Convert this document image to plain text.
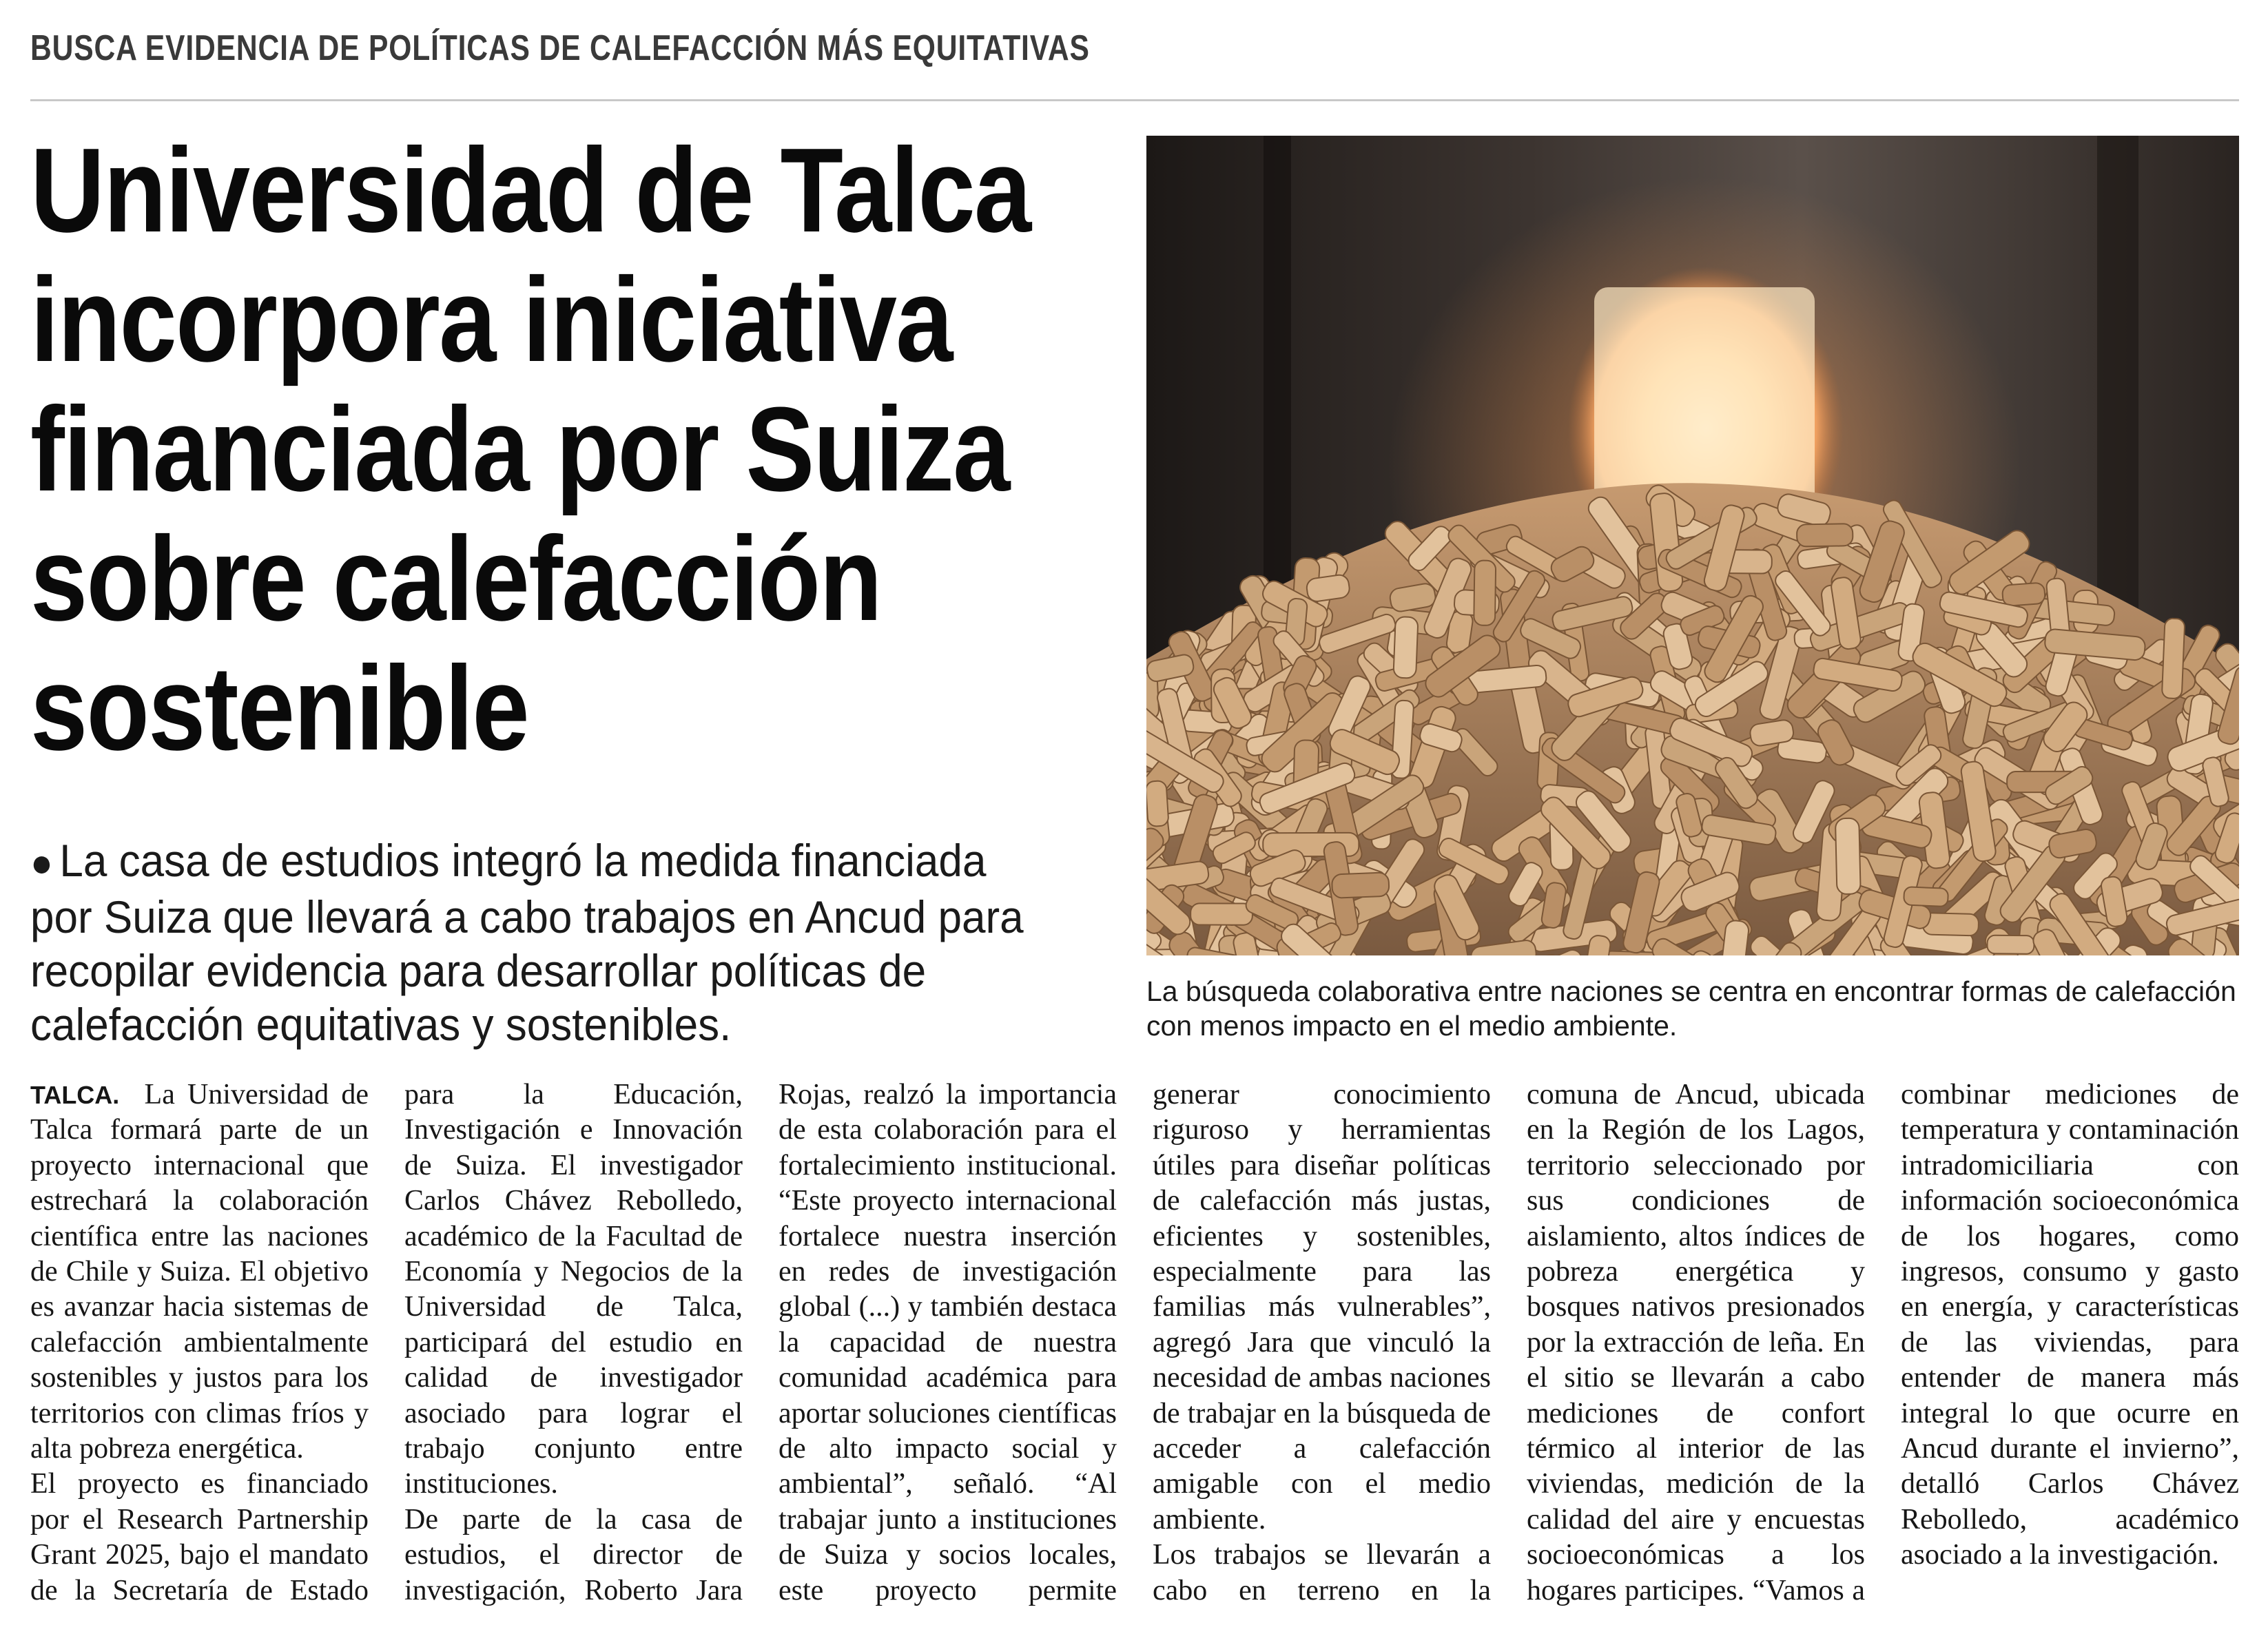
BUSCA EVIDENCIA DE POLÍTICAS DE CALEFACCIÓN MÁS EQUITATIVAS
Universidad de Talca
incorpora iniciativa
financiada por Suiza
sobre calefacción
sostenible
● La casa de estudios integró la medida financiada por Suiza que llevará a cabo trabajos en Ancud para recopilar evidencia para desarrollar políticas de calefacción equitativas y sostenibles.
La búsqueda colaborativa entre naciones se centra en encontrar formas de calefacción con menos impacto en el medio ambiente.

TALCA. La Universidad de Talca formará parte de un proyecto internacional que estrechará la colaboración científica entre las naciones de Chile y Suiza. El objetivo es avanzar hacia sistemas de calefacción ambientalmente sostenibles y justos para los territorios con climas fríos y alta pobreza energética.

El proyecto es financiado por el Research Partnership Grant 2025, bajo el mandato de la Secretaría de Estado para la Educación, Investigación e Innovación de Suiza. El investigador Carlos Chávez Rebolledo, académico de la Facultad de Economía y Negocios de la Universidad de Talca, participará del estudio en calidad de investigador asociado para lograr el trabajo conjunto entre instituciones.

De parte de la casa de estudios, el director de investigación, Roberto Jara Rojas, realzó la importancia de esta colaboración para el fortalecimiento institucional. “Este proyecto internacional fortalece nuestra inserción en redes de investigación global (...) y también destaca la capacidad de nuestra comunidad académica para aportar soluciones científicas de alto impacto social y ambiental”, señaló. “Al trabajar junto a instituciones de Suiza y socios locales, este proyecto permite generar conocimiento riguroso y herramientas útiles para diseñar políticas de calefacción más justas, eficientes y sostenibles, especialmente para las familias más vulnerables”, agregó Jara que vinculó la necesidad de ambas naciones de trabajar en la búsqueda de acceder a calefacción amigable con el medio ambiente.

Los trabajos se llevarán a cabo en terreno en la comuna de Ancud, ubicada en la Región de los Lagos, territorio seleccionado por sus condiciones de aislamiento, altos índices de pobreza energética y bosques nativos presionados por la extracción de leña. En el sitio se llevarán a cabo mediciones de confort térmico al interior de las viviendas, medición de la calidad del aire y encuestas socioeconómicas a los hogares participes. “Vamos a combinar mediciones de temperatura y contaminación intradomiciliaria con información socioeconómica de los hogares, como ingresos, consumo y gasto en energía, y características de las viviendas, para entender de manera más integral lo que ocurre en Ancud durante el invierno”, detalló Carlos Chávez Rebolledo, académico asociado a la investigación.
